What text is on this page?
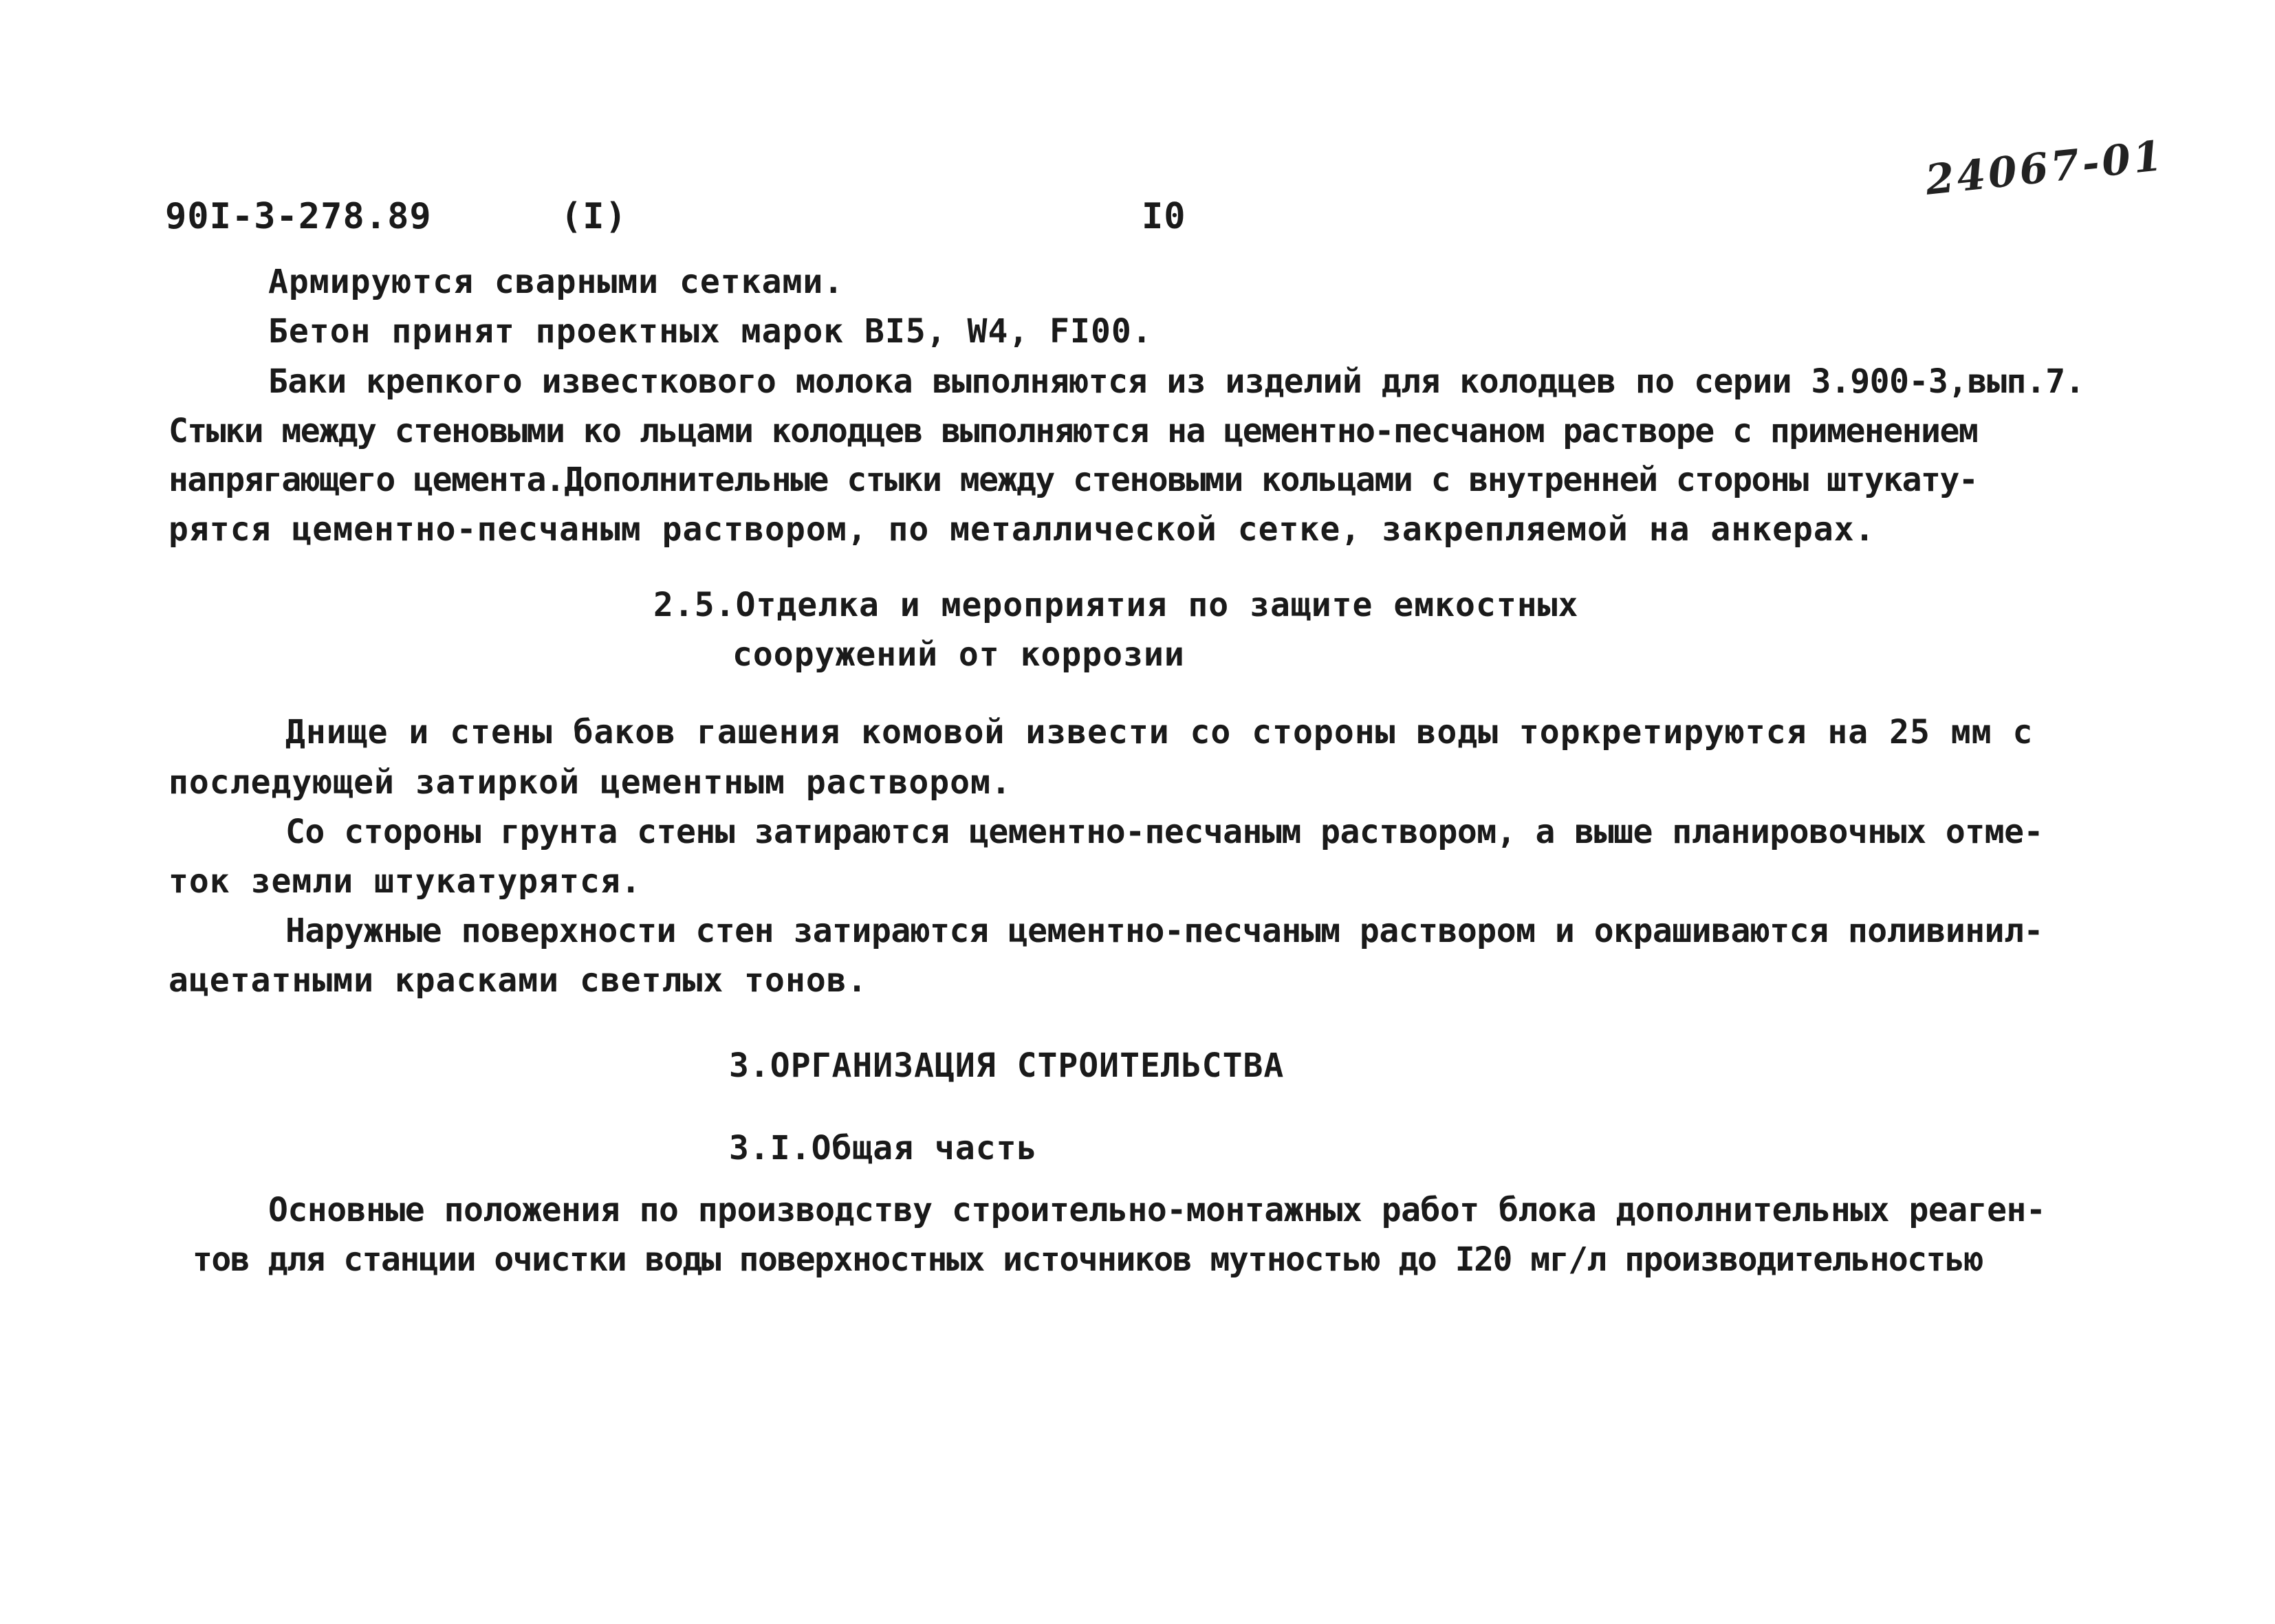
90I-3-278.89	(I)	I0
24067-01
Армируются сварными сетками.
Бетон принят проектных марок BI5, W4, FI00.
Баки крепкого известкового молока выполняются из изделий для колодцев по серии 3.900-3,вып.7.
Стыки между стеновыми ко льцами колодцев выполняются на цементно-песчаном растворе с применением
напрягающего цемента.Дополнительные стыки между стеновыми кольцами с внутренней стороны штукату-
рятся цементно-песчаным раствором, по металлической сетке, закрепляемой на анкерах.
2.5.Отделка и мероприятия по защите емкостных
сооружений от коррозии
Днище и стены баков гашения комовой извести со стороны воды торкретируются на 25 мм с
последующей затиркой цементным раствором.
Со стороны грунта стены затираются цементно-песчаным раствором, а выше планировочных отме-
ток земли штукатурятся.
Наружные поверхности стен затираются цементно-песчаным раствором и окрашиваются поливинил-
ацетатными красками светлых тонов.
3.ОРГАНИЗАЦИЯ СТРОИТЕЛЬСТВА
3.I.Общая часть
Основные положения по производству строительно-монтажных работ блока дополнительных реаген-
тов для станции очистки воды поверхностных источников мутностью до I20 мг/л производительностью
